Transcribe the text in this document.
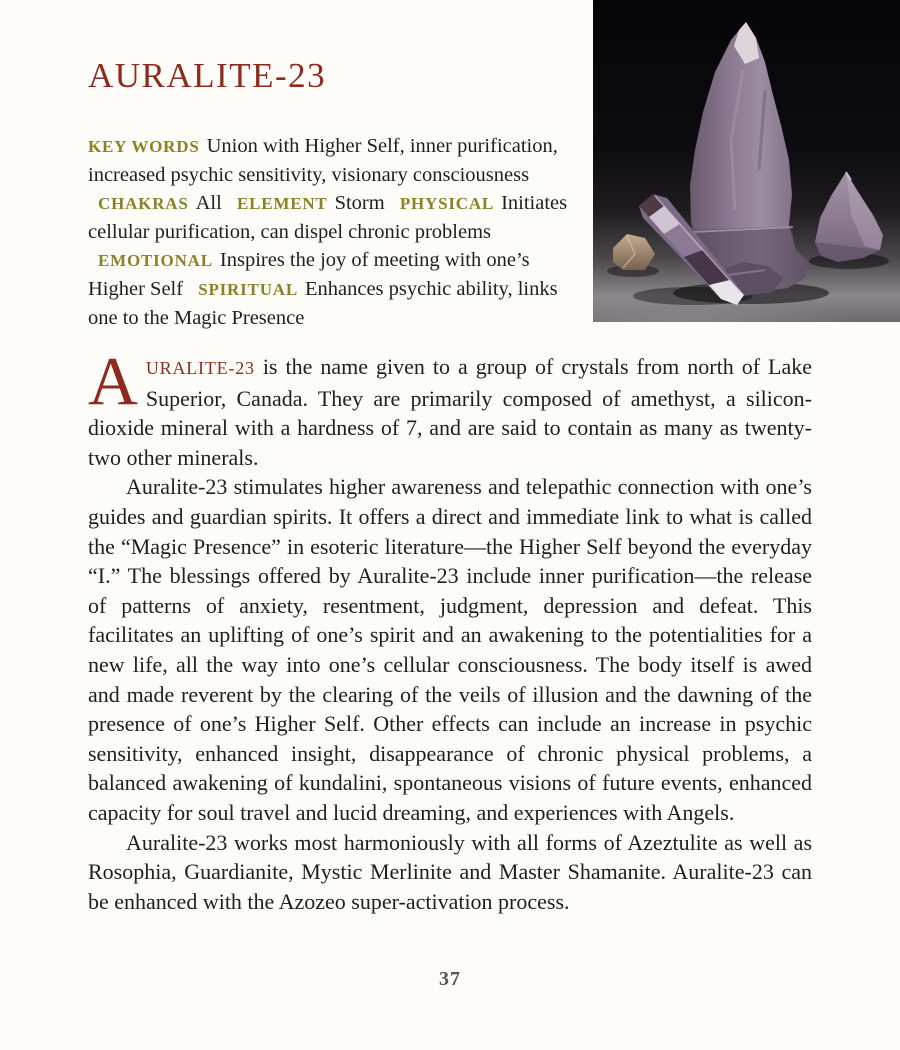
AURALITE-23

KEY WORDS Union with Higher Self, inner purification, increased psychic sensitivity, visionary consciousness CHAKRAS All ELEMENT Storm PHYSICAL Initiates cellular purification, can dispel chronic problems EMOTIONAL Inspires the joy of meeting with one’s Higher Self SPIRITUAL Enhances psychic ability, links one to the Magic Presence

AURALITE-23 is the name given to a group of crystals from north of Lake Superior, Canada. They are primarily composed of amethyst, a silicon-dioxide mineral with a hardness of 7, and are said to contain as many as twenty-two other minerals.

Auralite-23 stimulates higher awareness and telepathic connection with one’s guides and guardian spirits. It offers a direct and immediate link to what is called the “Magic Presence” in esoteric literature—the Higher Self beyond the everyday “I.” The blessings offered by Auralite-23 include inner purification—the release of patterns of anxiety, resentment, judgment, depression and defeat. This facilitates an uplifting of one’s spirit and an awakening to the potentialities for a new life, all the way into one’s cellular consciousness. The body itself is awed and made reverent by the clearing of the veils of illusion and the dawning of the presence of one’s Higher Self. Other effects can include an increase in psychic sensitivity, enhanced insight, disappearance of chronic physical problems, a balanced awakening of kundalini, spontaneous visions of future events, enhanced capacity for soul travel and lucid dreaming, and experiences with Angels.

Auralite-23 works most harmoniously with all forms of Azeztulite as well as Rosophia, Guardianite, Mystic Merlinite and Master Shamanite. Auralite-23 can be enhanced with the Azozeo super-activation process.

37
